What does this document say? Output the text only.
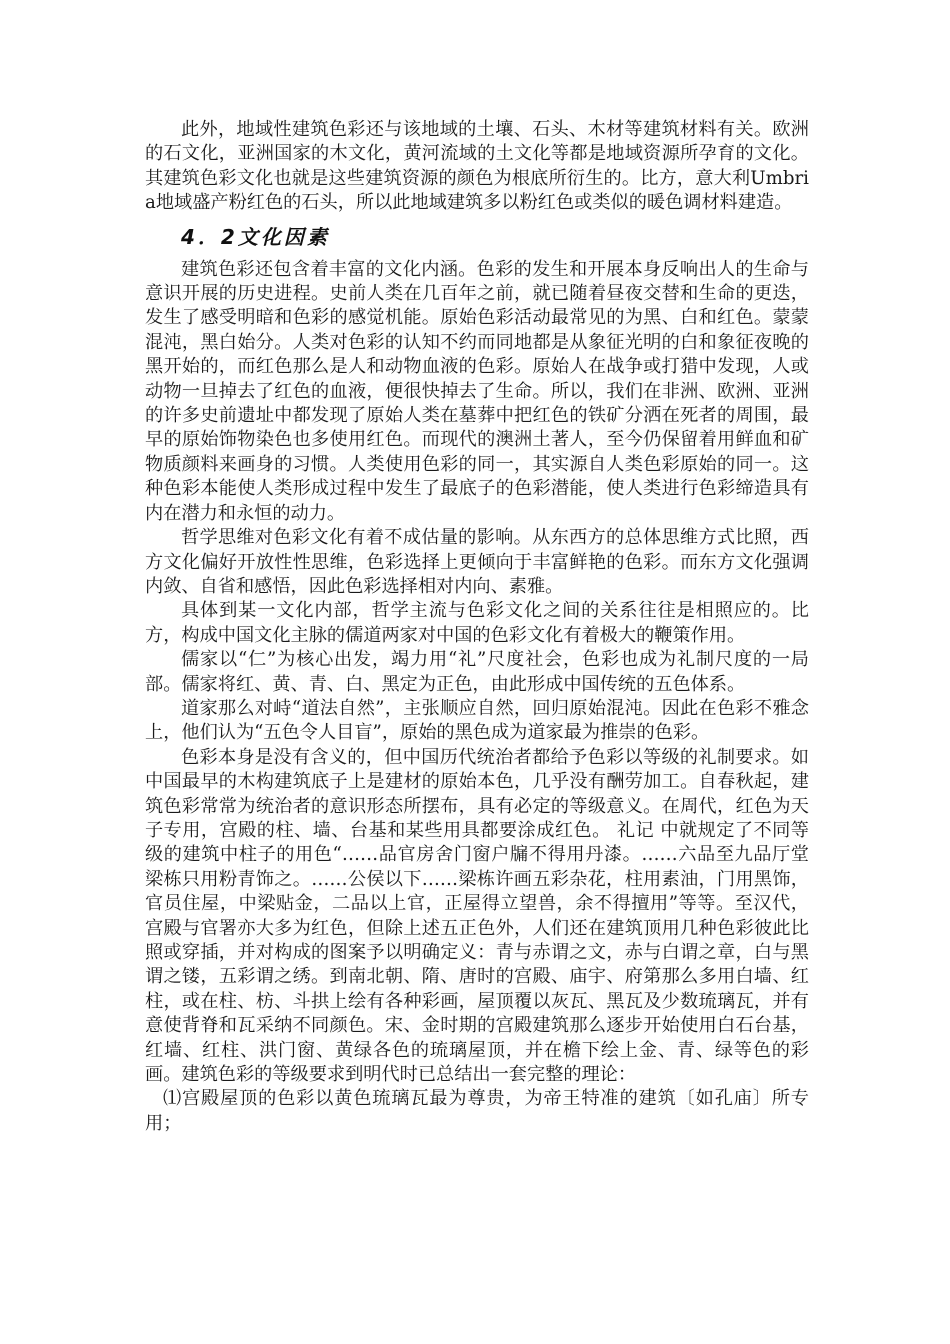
此外，地域性建筑色彩还与该地域的土壤、石头、木材等建筑材料有关。欧洲的石文化，亚洲国家的木文化，黄河流域的土文化等都是地域资源所孕育的文化。其建筑色彩文化也就是这些建筑资源的颜色为根底所衍生的。比方，意大利Umbria地域盛产粉红色的石头，所以此地域建筑多以粉红色或类似的暖色调材料建造。

4．2文化因素

建筑色彩还包含着丰富的文化内涵。色彩的发生和开展本身反响出人的生命与意识开展的历史进程。史前人类在几百年之前，就已随着昼夜交替和生命的更迭，发生了感受明暗和色彩的感觉机能。原始色彩活动最常见的为黑、白和红色。蒙蒙混沌，黑白始分。人类对色彩的认知不约而同地都是从象征光明的白和象征夜晚的黑开始的，而红色那么是人和动物血液的色彩。原始人在战争或打猎中发现，人或动物一旦掉去了红色的血液，便很快掉去了生命。所以，我们在非洲、欧洲、亚洲的许多史前遗址中都发现了原始人类在墓葬中把红色的铁矿分洒在死者的周围，最早的原始饰物染色也多使用红色。而现代的澳洲土著人，至今仍保留着用鲜血和矿物质颜料来画身的习惯。人类使用色彩的同一，其实源自人类色彩原始的同一。这种色彩本能使人类形成过程中发生了最底子的色彩潜能，使人类进行色彩缔造具有内在潜力和永恒的动力。

哲学思维对色彩文化有着不成估量的影响。从东西方的总体思维方式比照，西方文化偏好开放性性思维，色彩选择上更倾向于丰富鲜艳的色彩。而东方文化强调内敛、自省和感悟，因此色彩选择相对内向、素雅。

具体到某一文化内部，哲学主流与色彩文化之间的关系往往是相照应的。比方，构成中国文化主脉的儒道两家对中国的色彩文化有着极大的鞭策作用。

儒家以“仁”为核心出发，竭力用“礼”尺度社会，色彩也成为礼制尺度的一局部。儒家将红、黄、青、白、黑定为正色，由此形成中国传统的五色体系。

道家那么对峙“道法自然”，主张顺应自然，回归原始混沌。因此在色彩不雅念上，他们认为“五色令人目盲”，原始的黑色成为道家最为推崇的色彩。

色彩本身是没有含义的，但中国历代统治者都给予色彩以等级的礼制要求。如中国最早的木构建筑底子上是建材的原始本色，几乎没有酬劳加工。自春秋起，建筑色彩常常为统治者的意识形态所摆布，具有必定的等级意义。在周代，红色为天子专用，宫殿的柱、墙、台基和某些用具都要涂成红色。 礼记 中就规定了不同等级的建筑中柱子的用色“……品官房舍门窗户牖不得用丹漆。……六品至九品厅堂梁栋只用粉青饰之。……公侯以下……梁栋许画五彩杂花，柱用素油，门用黑饰，官员住屋，中梁贴金，二品以上官，正屋得立望兽，余不得擅用”等等。至汉代，宫殿与官署亦大多为红色，但除上述五正色外，人们还在建筑顶用几种色彩彼此比照或穿插，并对构成的图案予以明确定义：青与赤谓之文，赤与白谓之章，白与黑谓之镂，五彩谓之绣。到南北朝、隋、唐时的宫殿、庙宇、府第那么多用白墙、红柱，或在柱、枋、斗拱上绘有各种彩画，屋顶覆以灰瓦、黑瓦及少数琉璃瓦，并有意使背脊和瓦采纳不同颜色。宋、金时期的宫殿建筑那么逐步开始使用白石台基，红墙、红柱、洪门窗、黄绿各色的琉璃屋顶，并在檐下绘上金、青、绿等色的彩画。建筑色彩的等级要求到明代时已总结出一套完整的理论：

⑴宫殿屋顶的色彩以黄色琉璃瓦最为尊贵，为帝王特准的建筑〔如孔庙〕所专用；
